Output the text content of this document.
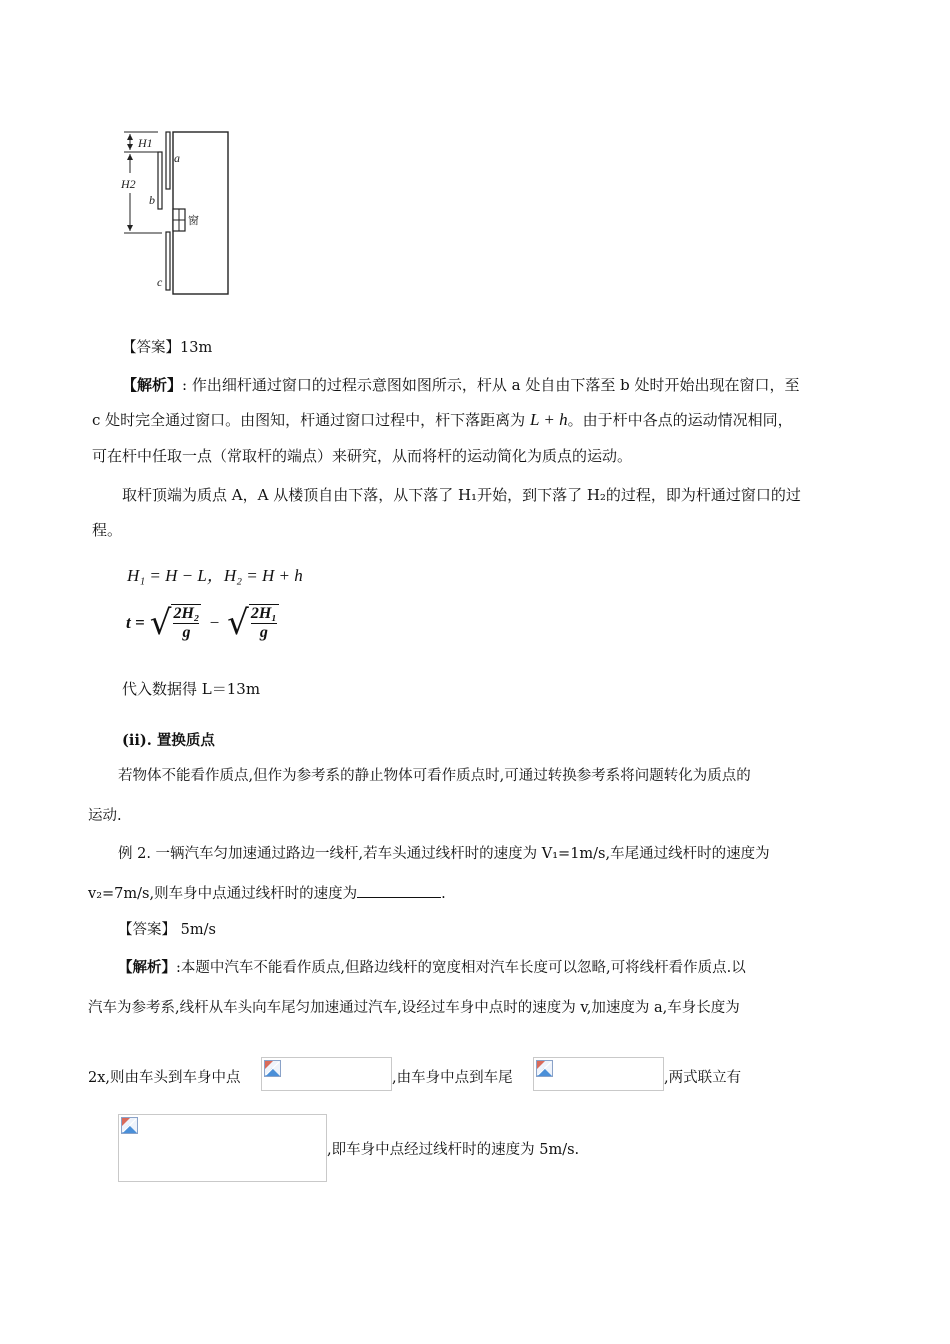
H1
H2
a
b
c
窗
【答案】13m
【解析】: 作出细杆通过窗口的过程示意图如图所示，杆从 a 处自由下落至 b 处时开始出现在窗口，至
c 处时完全通过窗口。由图知，杆通过窗口过程中，杆下落距离为 L + h。由于杆中各点的运动情况相同，
可在杆中任取一点（常取杆的端点）来研究，从而将杆的运动简化为质点的运动。
取杆顶端为质点 A，A 从楼顶自由下落，从下落了 H₁开始，到下落了 H₂的过程，即为杆通过窗口的过
程。
H₁ = H − L，H₂ = H + h
t = √ $\frac{\text{2H₂}}{g}$ − √ $\frac{\text{2H₁}}{g}$
代入数据得 L＝13m
(ii). 置换质点
若物体不能看作质点,但作为参考系的静止物体可看作质点时,可通过转换参考系将问题转化为质点的
运动.
例 2. 一辆汽车匀加速通过路边一线杆,若车头通过线杆时的速度为 V₁=1m/s,车尾通过线杆时的速度为
v₂=7m/s,则车身中点通过线杆时的速度为	.
【答案】 5m/s
【解析】:本题中汽车不能看作质点,但路边线杆的宽度相对汽车长度可以忽略,可将线杆看作质点.以
汽车为参考系,线杆从车头向车尾匀加速通过汽车,设经过车身中点时的速度为 v,加速度为 a,车身长度为
2x,则由车头到车身中点	,由车身中点到车尾	,两式联立有
,即车身中点经过线杆时的速度为 5m/s.
